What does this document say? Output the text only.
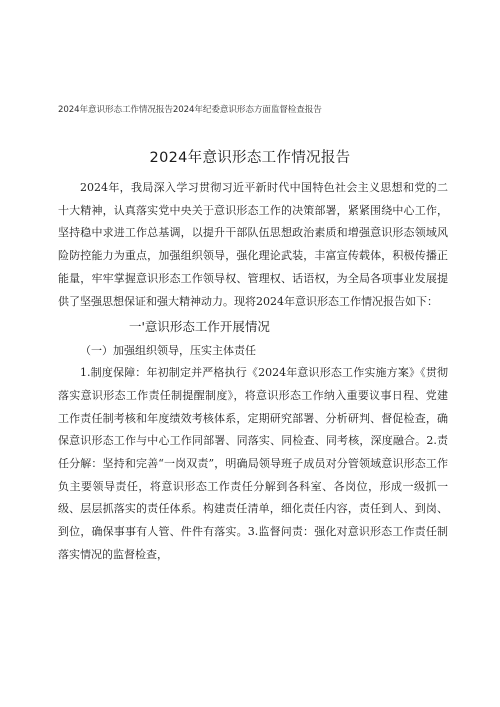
2024年意识形态工作情况报告2024年纪委意识形态方面监督检查报告
2024年意识形态工作情况报告

2024年，我局深入学习贯彻习近平新时代中国特色社会主义思想和党的二十大精神，认真落实党中央关于意识形态工作的决策部署，紧紧围绕中心工作，坚持稳中求进工作总基调，以提升干部队伍思想政治素质和增强意识形态领域风险防控能力为重点，加强组织领导，强化理论武装，丰富宣传载体，积极传播正能量，牢牢掌握意识形态工作领导权、管理权、话语权，为全局各项事业发展提供了坚强思想保证和强大精神动力。现将2024年意识形态工作情况报告如下：

一'意识形态工作开展情况

（一）加强组织领导，压实主体责任

1.制度保障：年初制定并严格执行《2024年意识形态工作实施方案》《贯彻落实意识形态工作责任制提醒制度》，将意识形态工作纳入重要议事日程、党建工作责任制考核和年度绩效考核体系，定期研究部署、分析研判、督促检查，确保意识形态工作与中心工作同部署、同落实、同检查、同考核，深度融合。2.责任分解：坚持和完善“一岗双责”，明确局领导班子成员对分管领域意识形态工作负主要领导责任，将意识形态工作责任分解到各科室、各岗位，形成一级抓一级、层层抓落实的责任体系。构建责任清单，细化责任内容，责任到人、到岗、到位，确保事事有人管、件件有落实。3.监督问责：强化对意识形态工作责任制落实情况的监督检查，
